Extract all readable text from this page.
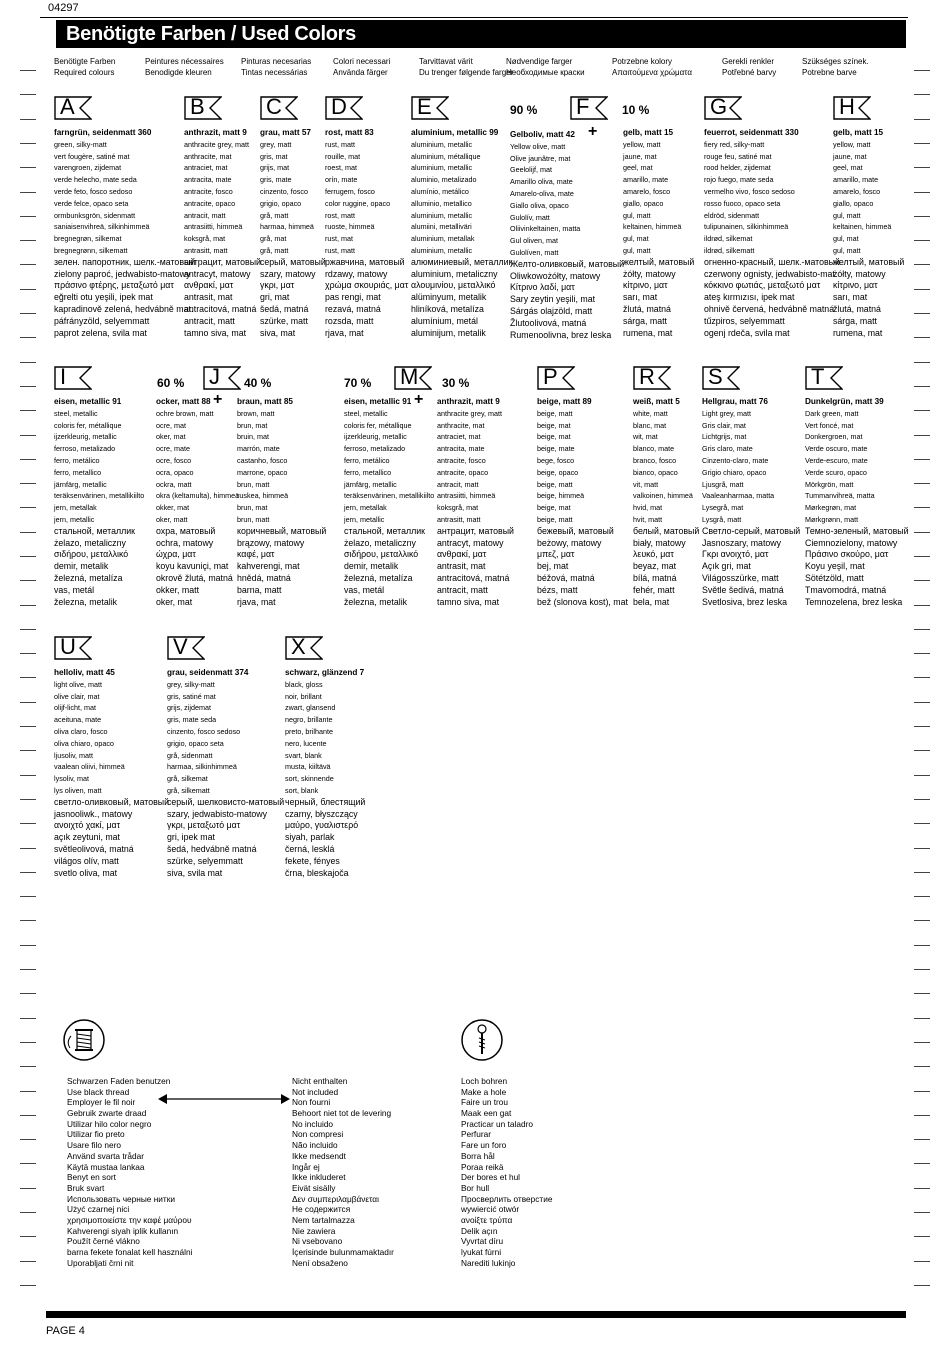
04297
Benötigte Farben / Used Colors
Benötigte Farben
Required colours
Peintures nécessaires
Benodigde kleuren
Pinturas necesarias
Tintas necessárias
Colori necessari
Använda färger
Tarvittavat värit
Du trenger følgende farger
Nødvendige farger
Необходимые краски
Potrzebne kolory
Απαιτούμενα χρώματα
Gerekli renkler
Potřebné barvy
Szükséges színek.
Potrebne barve
A
farngrün, seidenmatt 360
green, silky-matt
vert fougère, satiné mat
varengroen, zijdemat
verde helecho, mate seda
verde feto, fosco sedoso
verde felce, opaco seta
ormbunksgrön, sidenmatt
saniaisenvihreä, silkinhimmeä
bregnegrøn, silkemat
bregnegrønn, silkematt
зелен. папоротник, шелк.-матовый
zielony paproć, jedwabisto-matowy
πράσινο φτέρης, μεταξωτό ματ
eğrelti otu yeşili, ipek mat
kapradinově zelená, hedvábně mat.
páfrányzöld, selyemmatt
paprot zelena, svila mat
B
anthrazit, matt 9
anthracite grey, matt
anthracite, mat
antraciet, mat
antracita, mate
antracite, fosco
antracite, opaco
antracit, matt
antrasiitti, himmeä
koksgrå, mat
antrasitt, matt
антрацит, матовый
antracyt, matowy
ανθρακί, ματ
antrasit, mat
antracitová, matná
antracit, matt
tamno siva, mat
C
grau, matt 57
grey, matt
gris, mat
grijs, mat
gris, mate
cinzento, fosco
grigio, opaco
grå, matt
harmaa, himmeä
grå, mat
grå, matt
серый, матовый
szary, matowy
γκρι, ματ
gri, mat
šedá, matná
szürke, matt
siva, mat
D
rost, matt 83
rust, matt
rouille, mat
roest, mat
orín, mate
ferrugem, fosco
color ruggine, opaco
rost, matt
ruoste, himmeä
rust, mat
rust, matt
ржавчина, матовый
rdzawy, matowy
χρώμα σκουριάς, ματ
pas rengi, mat
rezavá, matná
rozsda, matt
rjava, mat
E
aluminium, metallic 99
aluminium, metallic
aluminium, métallique
aluminium, metallic
aluminio, metalizado
alumínio, metálico
alluminio, metallico
aluminium, metallic
alumiini, metalliväri
aluminium, metallak
aluminium, metallic
алюминиевый, металлик
aluminium, metaliczny
αλουμινίου, μεταλλικό
alüminyum, metalik
hliníková, metalíza
alumínium, metál
aluminijum, metalik
F
Gelboliv, matt 42
Yellow olive, matt
Olive jaunâtre, mat
Geelolijf, mat
Amarillo oliva, mate
Amarelo-oliva, mate
Giallo oliva, opaco
Gulolív, matt
Oliivinkeltainen, matta
Gul oliven, mat
Gulolíven, matt
Желто-оливковый, матовый
Oliwkowożółty, matowy
Κίτρινο λαδί, ματ
Sary zeytin yeşili, mat
Sárgás olajzöld, matt
Žlutoolivová, matná
Rumenoolivna, brez leska
gelb, matt 15
yellow, matt
jaune, mat
geel, mat
amarillo, mate
amarelo, fosco
giallo, opaco
gul, matt
keltainen, himmeä
gul, mat
gul, matt
желтый, матовый
żółty, matowy
κίτρινο, ματ
sarı, mat
žlutá, matná
sárga, matt
rumena, mat
G
feuerrot, seidenmatt 330
fiery red, silky-matt
rouge feu, satiné mat
rood helder, zijdemat
rojo fuego, mate seda
vermelho vivo, fosco sedoso
rosso fuoco, opaco seta
eldröd, sidenmatt
tulipunainen, silkinhimmeä
ildrød, silkemat
ildrød, silkematt
огненно-красный, шелк.-матовый
czerwony ognisty, jedwabisto-mat.
κόκκινο φωτιάς, μεταξωτό ματ
ateş kırmızısı, ipek mat
ohnivě červená, hedvábně matná
tűzpiros, selyemmatt
ogenj rdeča, svila mat
H
gelb, matt 15
yellow, matt
jaune, mat
geel, mat
amarillo, mate
amarelo, fosco
giallo, opaco
gul, matt
keltainen, himmeä
gul, mat
gul, matt
желтый, матовый
żółty, matowy
κίτρινο, ματ
sarı, mat
žlutá, matná
sárga, matt
rumena, mat
I
eisen, metallic 91
steel, metallic
coloris fer, métallique
ijzerkleurig, metallic
ferroso, metalizado
ferro, metálico
ferro, metallico
järnfärg, metallic
teräksenvärinen, metallikiilto
jern, metallak
jern, metallic
стальной, металлик
żelazo, metaliczny
σιδήρου, μεταλλικό
demir, metalik
železná, metalíza
vas, metál
železna, metalik
J
ocker, matt 88
ochre brown, matt
ocre, mat
oker, mat
ocre, mate
ocre, fosco
ocra, opaco
ockra, matt
okra (keltamulta), himmeä
okker, mat
oker, matt
охра, матовый
ochra, matowy
ώχρα, ματ
koyu kavuniçi, mat
okrově žlutá, matná
okker, matt
oker, mat
braun, matt 85
brown, matt
brun, mat
bruin, mat
marrón, mate
castanho, fosco
marrone, opaco
brun, matt
ruskea, himmeä
brun, mat
brun, matt
коричневый, матовый
brązowy, matowy
καφέ, ματ
kahverengi, mat
hnědá, matná
barna, matt
rjava, mat
M
eisen, metallic 91
steel, metallic
coloris fer, métallique
ijzerkleurig, metallic
ferroso, metalizado
ferro, metálico
ferro, metallico
järnfärg, metallic
teräksenvärinen, metallikiilto
jern, metallak
jern, metallic
стальной, металлик
żelazo, metaliczny
σιδήρου, μεταλλικό
demir, metalik
železná, metalíza
vas, metál
železna, metalik
anthrazit, matt 9
anthracite grey, matt
anthracite, mat
antraciet, mat
antracita, mate
antracite, fosco
antracite, opaco
antracit, matt
antrasiitti, himmeä
koksgrå, mat
antrasitt, matt
антрацит, матовый
antracyt, matowy
ανθρακί, ματ
antrasit, mat
antracitová, matná
antracit, matt
tamno siva, mat
P
beige, matt 89
beige, matt
beige, mat
beige, mat
beige, mate
bege, fosco
beige, opaco
beige, matt
beige, himmeä
beige, mat
beige, matt
бежевый, матовый
beżowy, matowy
μπεζ, ματ
bej, mat
béžová, matná
bézs, matt
bež (slonova kost), mat
R
weiß, matt 5
white, matt
blanc, mat
wit, mat
blanco, mate
branco, fosco
bianco, opaco
vit, matt
valkoinen, himmeä
hvid, mat
hvit, matt
белый, матовый
biały, matowy
λευκό, ματ
beyaz, mat
bílá, matná
fehér, matt
bela, mat
S
Hellgrau, matt 76
Light grey, matt
Gris clair, mat
Lichtgrijs, mat
Gris claro, mate
Cinzento-claro, mate
Grigio chiaro, opaco
Ljusgrå, matt
Vaaleanharmaa, matta
Lysegrå, mat
Lysgrå, matt
Светло-серый, матовый
Jasnoszary, matowy
Γκρι ανοιχτό, ματ
Açık gri, mat
Világosszürke, matt
Světle šedivá, matná
Svetlosiva, brez leska
T
Dunkelgrün, matt 39
Dark green, matt
Vert foncé, mat
Donkergroen, mat
Verde oscuro, mate
Verde-escuro, mate
Verde scuro, opaco
Mörkgrön, matt
Tummanvihreä, matta
Mørkegrøn, mat
Mørkgrønn, matt
Темно-зеленый, матовый
Ciemnozielony, matowy
Πράσινο σκούρο, ματ
Koyu yeşil, mat
Sötétzöld, matt
Tmavomodrá, matná
Temnozelena, brez leska
U
helloliv, matt 45
light olive, matt
olive clair, mat
olijf-licht, mat
aceituna, mate
oliva claro, fosco
oliva chiaro, opaco
ljusoliv, matt
vaalean oliivi, himmeä
lysoliv, mat
lys oliven, matt
светло-оливковый, матовый
jasnooliwk., matowy
ανοιχτό χακί, ματ
açık zeytuni, mat
světleolivová, matná
világos olív, matt
svetlo oliva, mat
V
grau, seidenmatt 374
grey, silky-matt
gris, satiné mat
grijs, zijdemat
gris, mate seda
cinzento, fosco sedoso
grigio, opaco seta
grå, sidenmatt
harmaa, silkinhimmeä
grå, silkemat
grå, silkematt
серый, шелковисто-матовый
szary, jedwabisto-matowy
γκρι, μεταξωτό ματ
gri, ipek mat
šedá, hedvábně matná
szürke, selyemmatt
siva, svila mat
X
schwarz, glänzend 7
black, gloss
noir, brillant
zwart, glansend
negro, brillante
preto, brilhante
nero, lucente
svart, blank
musta, kiiltävä
sort, skinnende
sort, blank
черный, блестящий
czarny, błyszczący
μαύρο, γυαλιστερό
siyah, parlak
černá, lesklá
fekete, fényes
črna, bleskajoča
90 %	10 %
+
60 %	40 %
+
70 %	30 %
+
Schwarzen Faden benutzen
Use black thread
Employer le fil noir
Gebruik zwarte draad
Utilizar hilo color negro
Utilizar fio preto
Usare filo nero
Använd svarta trådar
Käytä mustaa lankaa
Benyt en sort
Bruk svart
Использовать черные нитки
Użyć czarnej nici
χρησιμοποιείστε την καφέ μαύρου
Kahverengi siyah iplik kullanın
Použít černé vlákno
barna fekete fonalat kell használni
Uporabljati črni nit
Nicht enthalten
Not included
Non fourni
Behoort niet tot de levering
No incluido
Non compresi
Não incluido
Ikke medsendt
Ingår ej
Ikke inkluderet
Eivät sisälly
Δεν συμπεριλαμβάνεται
Не содержится
Nem tartalmazza
Nie zawiera
Ni vsebovano
İçerisinde bulunmamaktadır
Není obsaženo
Loch bohren
Make a hole
Faire un trou
Maak een gat
Practicar un taladro
Perfurar
Fare un foro
Borra hål
Poraa reikä
Der bores et hul
Bor hull
Просверлить отверстие
wywiercić otwór
ανοίξτε τρύπα
Delik açın
Vyvrtat díru
lyukat fúrni
Narediti lukinjo
PAGE 4
